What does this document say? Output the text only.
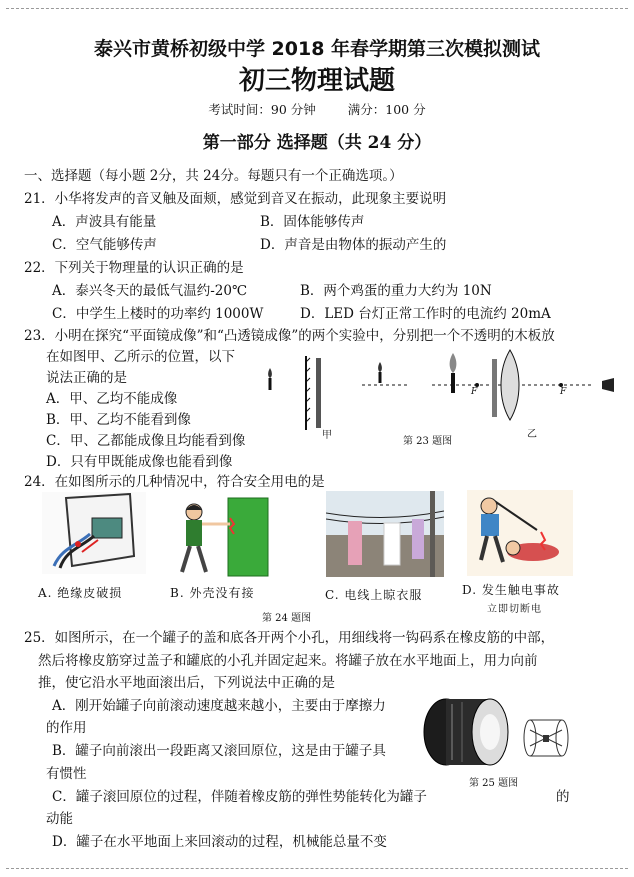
泰兴市黄桥初级中学 2018 年春学期第三次模拟测试
初三物理试题
考试时间：90 分钟	满分：100 分
第一部分 选择题（共 24 分）
一、选择题（每小题 2分，共 24分。每题只有一个正确选项。）
21．小华将发声的音叉触及面颊，感觉到音叉在振动，此现象主要说明
A．声波具有能量	B．固体能够传声
C．空气能够传声	D．声音是由物体的振动产生的
22．下列关于物理量的认识正确的是
A．泰兴冬天的最低气温约-20℃	B．两个鸡蛋的重力大约为 10N
C．中学生上楼时的功率约 1000W	D．LED 台灯正常工作时的电流约 20mA
23．小明在探究“平面镜成像”和“凸透镜成像”的两个实验中，分别把一个不透明的木板放
在如图甲、乙所示的位置，以下
说法正确的是
A．甲、乙均不能成像
B．甲、乙均不能看到像
C．甲、乙都能成像且均能看到像
D．只有甲既能成像也能看到像
甲
F	F
第 23 题图
乙
24．在如图所示的几种情况中，符合安全用电的是
A. 绝缘皮破损	B. 外壳没有接	C. 电线上晾衣服	D. 发生触电事故
立即切断电
第 24 题图
25．如图所示，在一个罐子的盖和底各开两个小孔，用细线将一钩码系在橡皮筋的中部，
然后将橡皮筋穿过盖子和罐底的小孔并固定起来。将罐子放在水平地面上，用力向前
推，使它沿水平地面滚出后，下列说法中正确的是
A．刚开始罐子向前滚动速度越来越小，主要由于摩擦力
的作用
B．罐子向前滚出一段距离又滚回原位，这是由于罐子具
有惯性
C．罐子滚回原位的过程，伴随着橡皮筋的弹性势能转化为罐子	的
动能
D．罐子在水平地面上来回滚动的过程，机械能总量不变
第 25 题图
